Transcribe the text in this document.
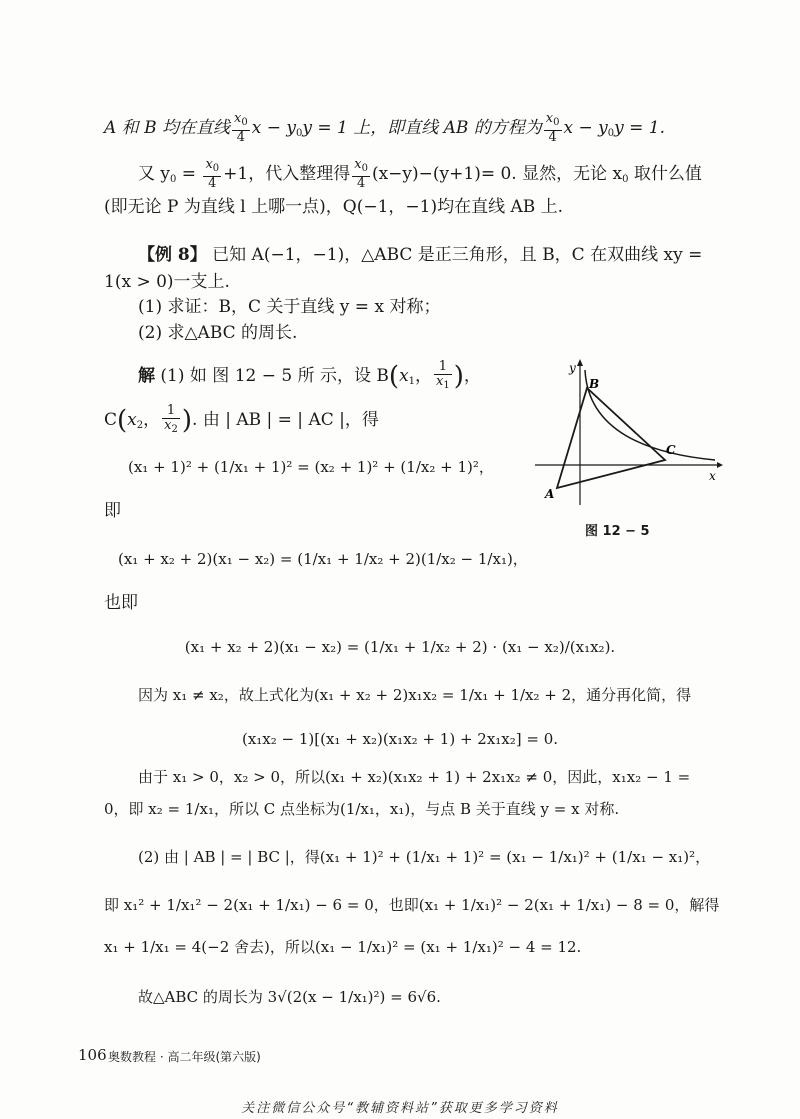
A 和 B 均在直线 $\frac{x_0}{4}$ $x - y_0y = 1$ 上，即直线 AB 的方程为 $\frac{x_0}{4}$ $x - y_0y = 1$.
又 $y_0 = \frac{x_0}{4} +1$，代入整理得 $\frac{x_0}{4} (x-y)-(y+1)= 0$. 显然，无论 $x_0$ 取什么值
(即无论 P 为直线 l 上哪一点)，Q(−1，−1)均在直线 AB 上.
【例 8】 已知 A(−1，−1)，△ABC 是正三角形，且 B，C 在双曲线 xy =
1(x > 0)一支上.
(1) 求证：B，C 关于直线 y = x 对称；
(2) 求△ABC 的周长.
解 (1) 如 图 12 − 5 所 示，设 $B(x_1$， $\frac{1}{x_1}$ )，
$C(x_2$， $\frac{1}{x_2}$ ). 由 | AB | = | AC |，得
(x₁ + 1)² + (1/x₁ + 1)² = (x₂ + 1)² + (1/x₂ + 1)²，
即
(x₁ + x₂ + 2)(x₁ − x₂) = (1/x₁ + 1/x₂ + 2)(1/x₂ − 1/x₁)，
也即
(x₁ + x₂ + 2)(x₁ − x₂) = (1/x₁ + 1/x₂ + 2) · (x₁ − x₂)/(x₁x₂).
因为 x₁ ≠ x₂，故上式化为(x₁ + x₂ + 2)x₁x₂ = 1/x₁ + 1/x₂ + 2，通分再化简，得
(x₁x₂ − 1)[(x₁ + x₂)(x₁x₂ + 1) + 2x₁x₂] = 0.
由于 x₁ > 0，x₂ > 0，所以(x₁ + x₂)(x₁x₂ + 1) + 2x₁x₂ ≠ 0，因此，x₁x₂ − 1 =
0，即 x₂ = 1/x₁，所以 C 点坐标为(1/x₁，x₁)，与点 B 关于直线 y = x 对称.
(2) 由 | AB | = | BC |，得(x₁ + 1)² + (1/x₁ + 1)² = (x₁ − 1/x₁)² + (1/x₁ − x₁)²，
即 x₁² + 1/x₁² − 2(x₁ + 1/x₁) − 6 = 0，也即(x₁ + 1/x₁)² − 2(x₁ + 1/x₁) − 8 = 0，解得
x₁ + 1/x₁ = 4(−2 舍去)，所以(x₁ − 1/x₁)² = (x₁ + 1/x₁)² − 4 = 12.
故△ABC 的周长为 3√(2(x − 1/x₁)²) = 6√6.
y
x
B
C
A
图 12 − 5
106 奥数教程 · 高二年级(第六版)
关注微信公众号“教辅资料站”获取更多学习资料
